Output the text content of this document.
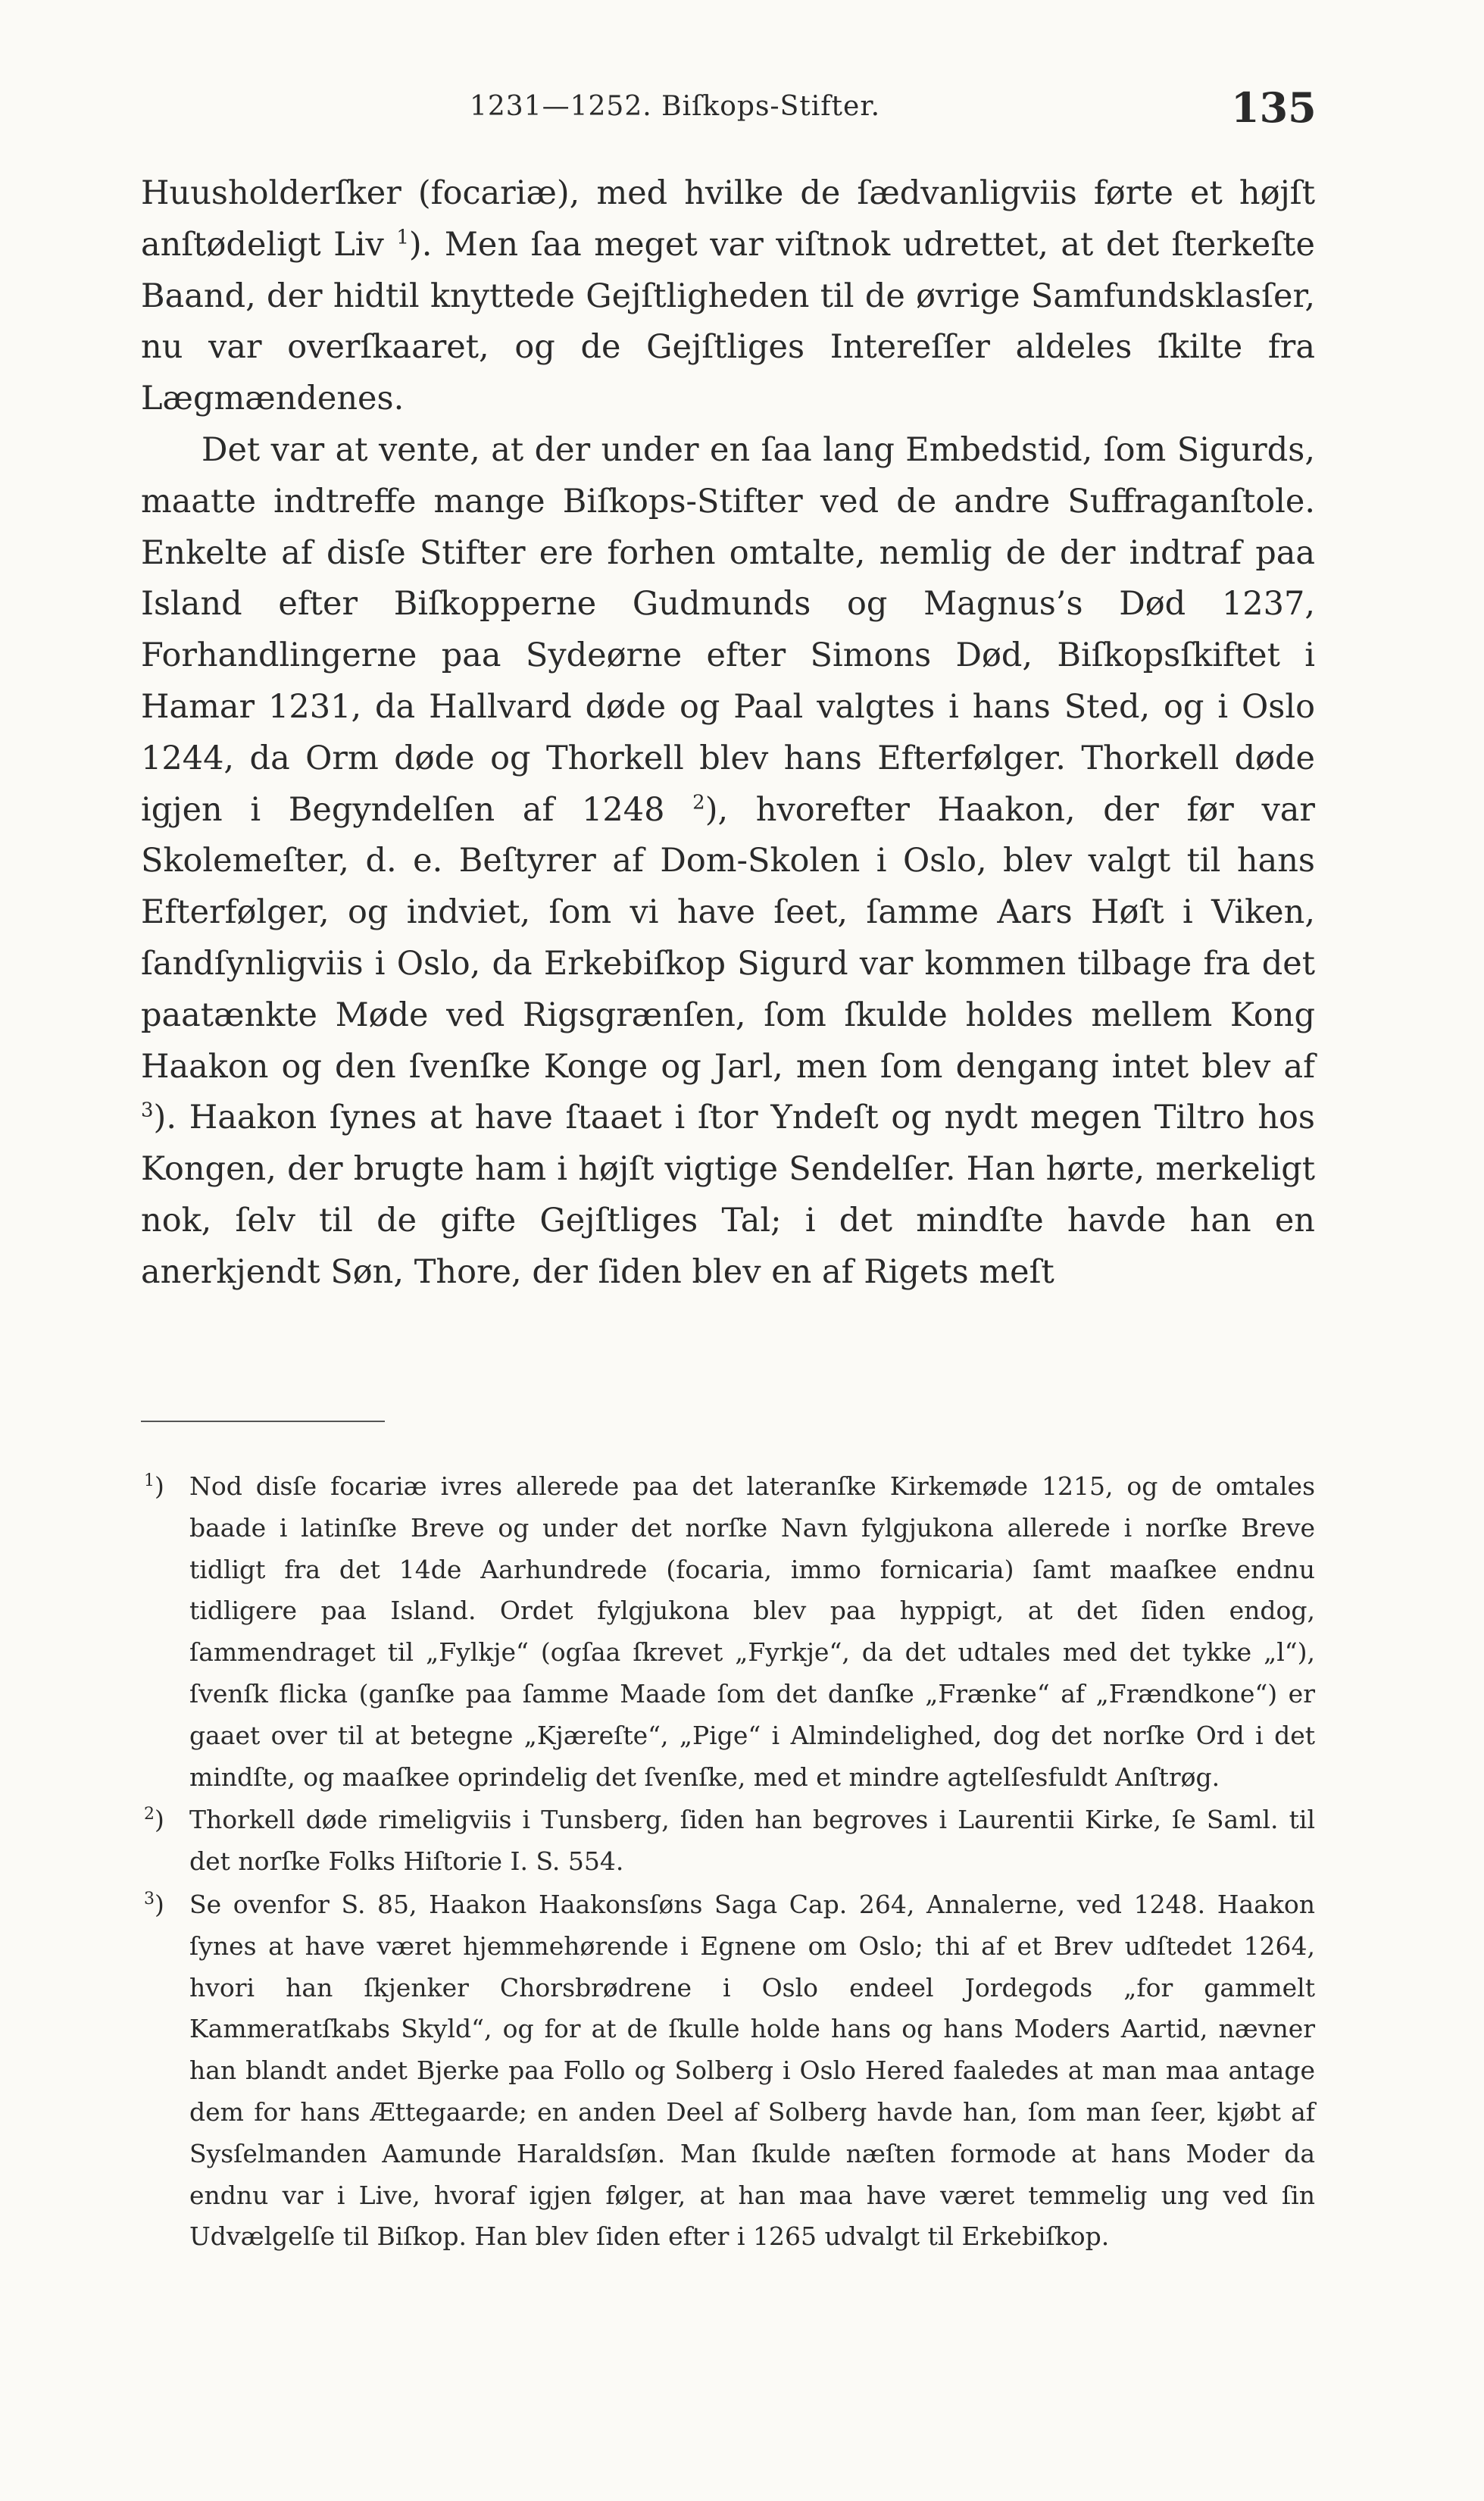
1231—1252. Biſkops-Stifter.	135

Huusholderſker (focariæ), med hvilke de ſædvanligviis førte et højſt anſtødeligt Liv $^1$). Men ſaa meget var viſtnok udrettet, at det ſterkeſte Baand, der hidtil knyttede Gejſtligheden til de øvrige Samfundsklasſer, nu var overſkaaret, og de Gejſtliges Intereſſer aldeles ſkilte fra Lægmændenes.

Det var at vente, at der under en ſaa lang Embedstid, ſom Sigurds, maatte indtreffe mange Biſkops-Stifter ved de andre Suffraganſtole. Enkelte af disſe Stifter ere forhen omtalte, nemlig de der indtraf paa Island efter Biſkopperne Gudmunds og Magnus’s Død 1237, Forhandlingerne paa Sydeørne efter Simons Død, Biſkopsſkiftet i Hamar 1231, da Hallvard døde og Paal valgtes i hans Sted, og i Oslo 1244, da Orm døde og Thorkell blev hans Efterfølger. Thorkell døde igjen i Begyndelſen af 1248 $^2$), hvorefter Haakon, der før var Skolemeſter, d. e. Beſtyrer af Dom-Skolen i Oslo, blev valgt til hans Efterfølger, og indviet, ſom vi have ſeet, ſamme Aars Høſt i Viken, ſandſynligviis i Oslo, da Erkebiſkop Sigurd var kommen tilbage fra det paatænkte Møde ved Rigsgrænſen, ſom ſkulde holdes mellem Kong Haakon og den ſvenſke Konge og Jarl, men ſom dengang intet blev af $^3$). Haakon ſynes at have ſtaaet i ſtor Yndeſt og nydt megen Tiltro hos Kongen, der brugte ham i højſt vigtige Sendelſer. Han hørte, merkeligt nok, ſelv til de gifte Gejſtliges Tal; i det mindſte havde han en anerkjendt Søn, Thore, der ſiden blev en af Rigets meſt

$^1$)	Nod disſe focariæ ivres allerede paa det lateranſke Kirkemøde 1215, og de omtales baade i latinſke Breve og under det norſke Navn fylgjukona allerede i norſke Breve tidligt fra det 14de Aarhundrede (focaria, immo fornicaria) ſamt maaſkee endnu tidligere paa Island. Ordet fylgjukona blev paa hyppigt, at det ſiden endog, ſammendraget til „Fylkje“ (ogſaa ſkrevet „Fyrkje“, da det udtales med det tykke „l“), ſvenſk flicka (ganſke paa ſamme Maade ſom det danſke „Frænke“ af „Frændkone“) er gaaet over til at betegne „Kjæreſte“, „Pige“ i Almindelighed, dog det norſke Ord i det mindſte, og maaſkee oprindelig det ſvenſke, med et mindre agtelſesfuldt Anſtrøg.
$^2$)	Thorkell døde rimeligviis i Tunsberg, ſiden han begroves i Laurentii Kirke, ſe Saml. til det norſke Folks Hiſtorie I. S. 554.
$^3$)	Se ovenfor S. 85, Haakon Haakonsſøns Saga Cap. 264, Annalerne, ved 1248. Haakon ſynes at have været hjemmehørende i Egnene om Oslo; thi af et Brev udſtedet 1264, hvori han ſkjenker Chorsbrødrene i Oslo endeel Jordegods „for gammelt Kammeratſkabs Skyld“, og for at de ſkulle holde hans og hans Moders Aartid, nævner han blandt andet Bjerke paa Follo og Solberg i Oslo Hered faaledes at man maa antage dem for hans Ættegaarde; en anden Deel af Solberg havde han, ſom man ſeer, kjøbt af Sysſelmanden Aamunde Haraldsſøn. Man ſkulde næſten formode at hans Moder da endnu var i Live, hvoraf igjen følger, at han maa have været temmelig ung ved ſin Udvælgelſe til Biſkop. Han blev ſiden efter i 1265 udvalgt til Erkebiſkop.
